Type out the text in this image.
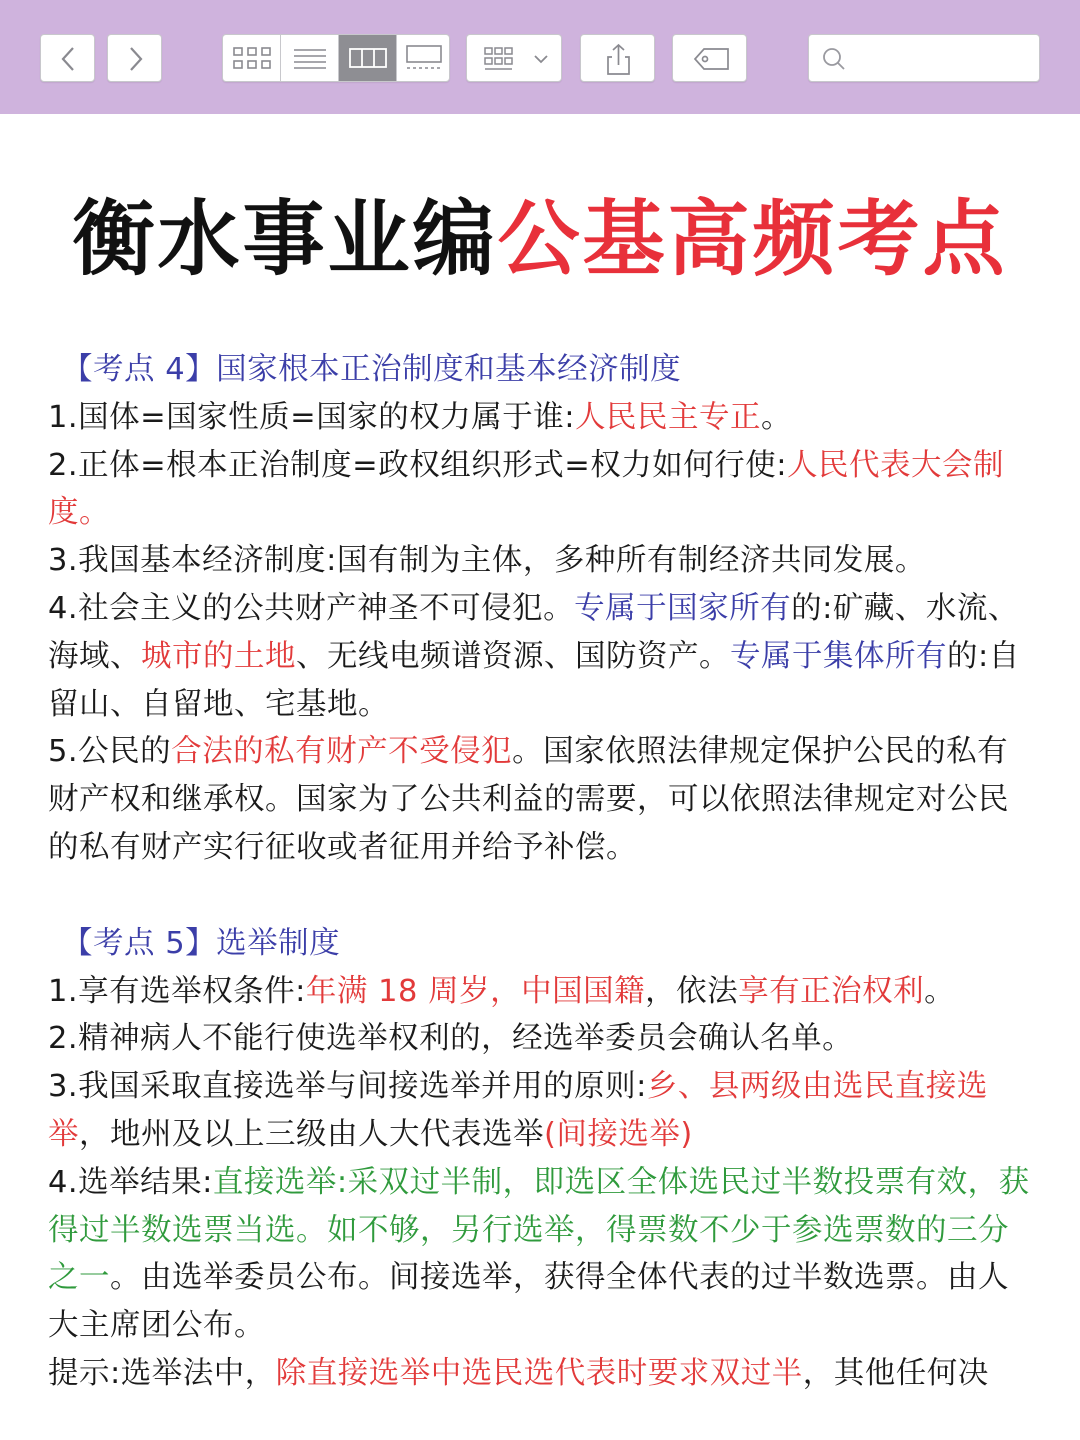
衡水事业编公基高频考点
【考点 4】国家根本正治制度和基本经济制度
1.国体=国家性质=国家的权力属于谁:人民民主专正。
2.正体=根本正治制度=政权组织形式=权力如何行使:人民代表大会制度。
3.我国基本经济制度:国有制为主体，多种所有制经济共同发展。
4.社会主义的公共财产神圣不可侵犯。专属于国家所有的:矿藏、水流、海域、城市的土地、无线电频谱资源、国防资产。专属于集体所有的:自留山、自留地、宅基地。
5.公民的合法的私有财产不受侵犯。国家依照法律规定保护公民的私有财产权和继承权。国家为了公共利益的需要，可以依照法律规定对公民的私有财产实行征收或者征用并给予补偿。
【考点 5】选举制度
1.享有选举权条件:年满 18 周岁，中国国籍，依法享有正治权利。
2.精神病人不能行使选举权利的，经选举委员会确认名单。
3.我国采取直接选举与间接选举并用的原则:乡、县两级由选民直接选举，地州及以上三级由人大代表选举(间接选举)
4.选举结果:直接选举:采双过半制，即选区全体选民过半数投票有效，获得过半数选票当选。如不够，另行选举，得票数不少于参选票数的三分之一。由选举委员公布。间接选举，获得全体代表的过半数选票。由人大主席团公布。
提示:选举法中，除直接选举中选民选代表时要求双过半，其他任何决
